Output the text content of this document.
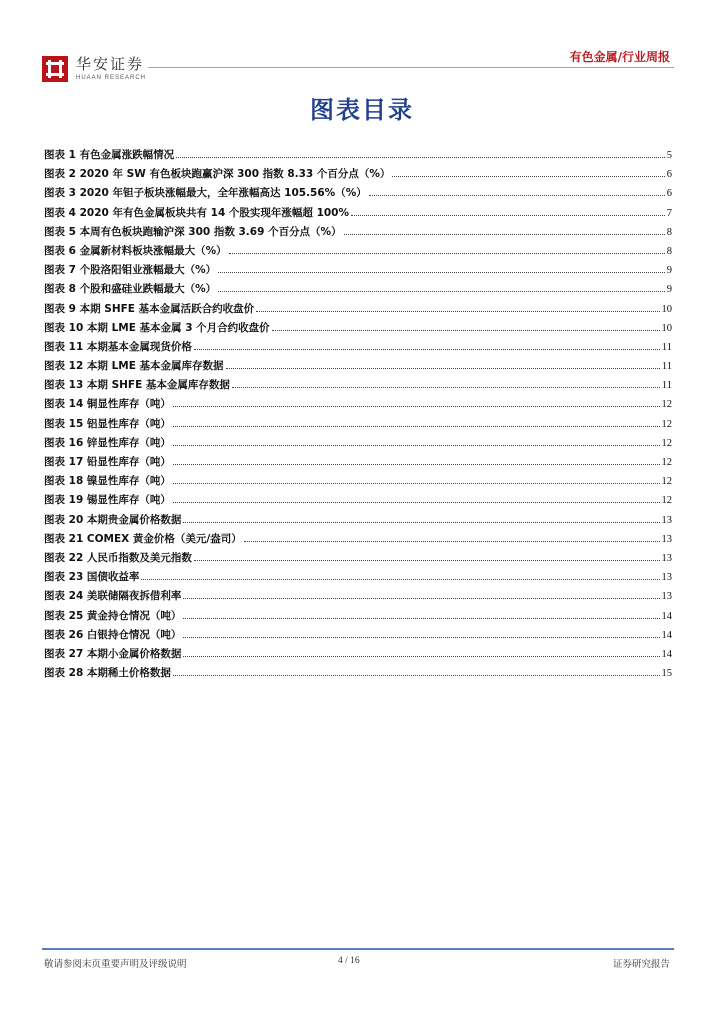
华安证券
HUAAN RESEARCH
有色金属/行业周报
图表目录
图表 1 有色金属涨跌幅情况	5
图表 2 2020 年 SW 有色板块跑赢沪深 300 指数 8.33 个百分点（%）	6
图表 3 2020 年钽子板块涨幅最大，全年涨幅高达 105.56%（%）	6
图表 4 2020 年有色金属板块共有 14 个股实现年涨幅超 100%	7
图表 5 本周有色板块跑输沪深 300 指数 3.69 个百分点（%）	8
图表 6 金属新材料板块涨幅最大（%）	8
图表 7 个股洛阳钼业涨幅最大（%）	9
图表 8 个股和盛硅业跌幅最大（%）	9
图表 9 本期 SHFE 基本金属活跃合约收盘价	10
图表 10 本期 LME 基本金属 3 个月合约收盘价	10
图表 11 本期基本金属现货价格	11
图表 12 本期 LME 基本金属库存数据	11
图表 13 本期 SHFE 基本金属库存数据	11
图表 14 铜显性库存（吨）	12
图表 15 铝显性库存（吨）	12
图表 16 锌显性库存（吨）	12
图表 17 铅显性库存（吨）	12
图表 18 镍显性库存（吨）	12
图表 19 锡显性库存（吨）	12
图表 20 本期贵金属价格数据	13
图表 21 COMEX 黄金价格（美元/盎司）	13
图表 22 人民币指数及美元指数	13
图表 23 国债收益率	13
图表 24 美联储隔夜拆借利率	13
图表 25 黄金持仓情况（吨）	14
图表 26 白银持仓情况（吨）	14
图表 27 本期小金属价格数据	14
图表 28 本期稀土价格数据	15
敬请参阅末页重要声明及评级说明	4 / 16	证券研究报告
